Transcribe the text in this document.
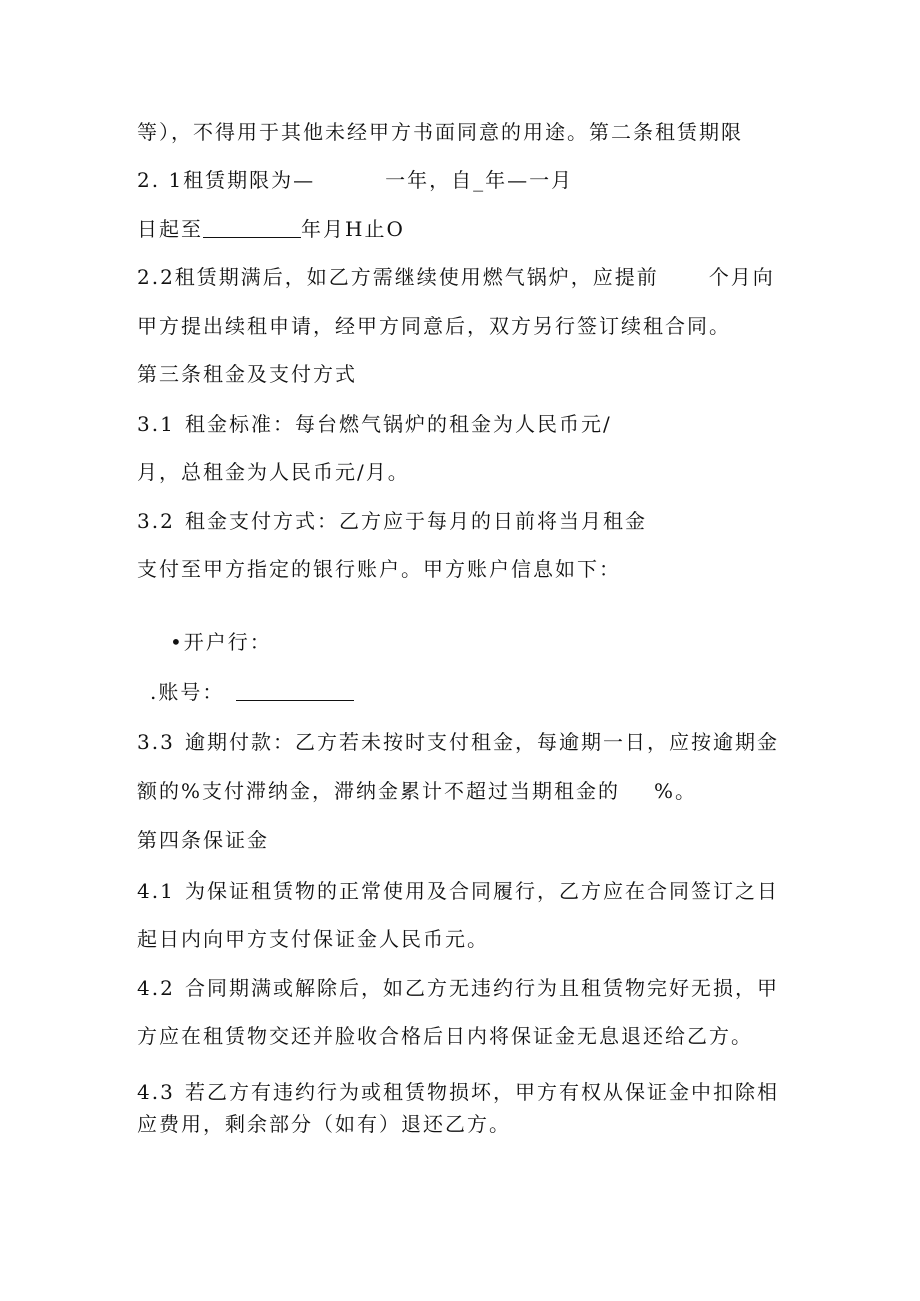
等），不得用于其他未经甲方书面同意的用途。第二条租赁期限
2. 1租赁期限为—	一年，自_年—一月
日起至	年月H止O
2.2租赁期满后，如乙方需继续使用燃气锅炉，应提前	个月向
甲方提出续租申请，经甲方同意后，双方另行签订续租合同。
第三条租金及支付方式
3.1 租金标准：每台燃气锅炉的租金为人民币元/
月，总租金为人民币元/月。
3.2 租金支付方式：乙方应于每月的日前将当月租金
支付至甲方指定的银行账户。甲方账户信息如下：
•开户行：
.账号：
3.3 逾期付款：乙方若未按时支付租金，每逾期一日，应按逾期金
额的%支付滞纳金，滞纳金累计不超过当期租金的 %。
第四条保证金
4.1 为保证租赁物的正常使用及合同履行，乙方应在合同签订之日
起日内向甲方支付保证金人民币元。
4.2 合同期满或解除后，如乙方无违约行为且租赁物完好无损，甲
方应在租赁物交还并脸收合格后日内将保证金无息退还给乙方。
4.3 若乙方有违约行为或租赁物损坏，甲方有权从保证金中扣除相
应费用，剩余部分（如有）退还乙方。
